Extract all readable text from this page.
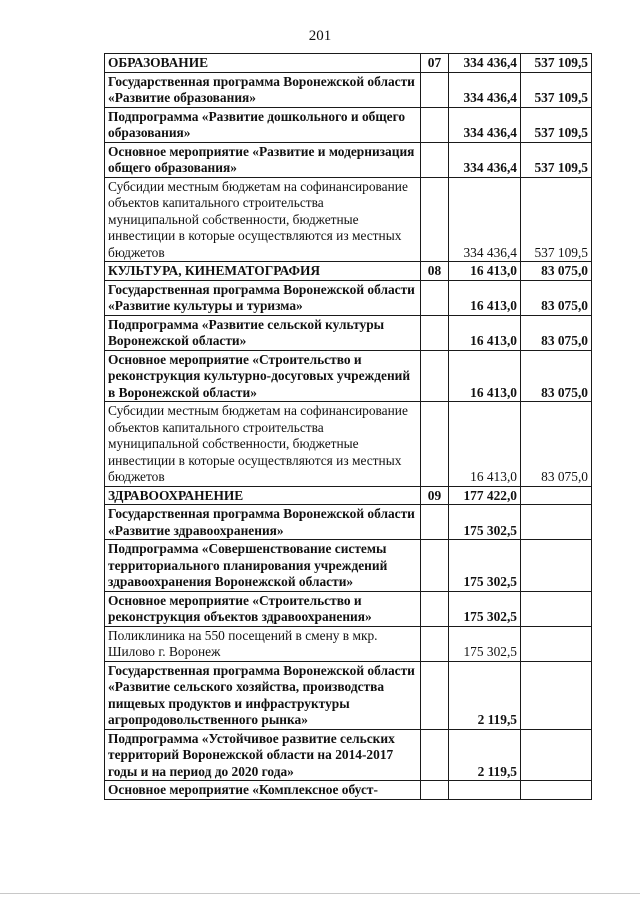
201
ОБРАЗОВАНИЕ	07	334 436,4	537 109,5
Государственная программа Воронежской области «Развитие образования»		334 436,4	537 109,5
Подпрограмма «Развитие дошкольного и общего образования»		334 436,4	537 109,5
Основное мероприятие «Развитие и модернизация общего образования»		334 436,4	537 109,5
Субсидии местным бюджетам на софинансирование объектов капитального строительства муниципальной собственности, бюджетные инвестиции в которые осуществляются из местных бюджетов		334 436,4	537 109,5
КУЛЬТУРА, КИНЕМАТОГРАФИЯ	08	16 413,0	83 075,0
Государственная программа Воронежской области «Развитие культуры и туризма»		16 413,0	83 075,0
Подпрограмма «Развитие сельской культуры Воронежской области»		16 413,0	83 075,0
Основное мероприятие «Строительство и реконструкция культурно-досуговых учреждений в Воронежской области»		16 413,0	83 075,0
Субсидии местным бюджетам на софинансирование объектов капитального строительства муниципальной собственности, бюджетные инвестиции в которые осуществляются из местных бюджетов		16 413,0	83 075,0
ЗДРАВООХРАНЕНИЕ	09	177 422,0	
Государственная программа Воронежской области «Развитие здравоохранения»		175 302,5	
Подпрограмма «Совершенствование системы территориального планирования учреждений здравоохранения Воронежской области»		175 302,5	
Основное мероприятие «Строительство и реконструкция объектов здравоохранения»		175 302,5	
Поликлиника на 550 посещений в смену в мкр. Шилово г. Воронеж		175 302,5	
Государственная программа Воронежской области «Развитие сельского хозяйства, производства пищевых продуктов и инфраструктуры агропродовольственного рынка»		2 119,5	
Подпрограмма «Устойчивое развитие сельских территорий Воронежской области на 2014-2017 годы и на период до 2020 года»		2 119,5	
Основное мероприятие «Комплексное обуст-			
